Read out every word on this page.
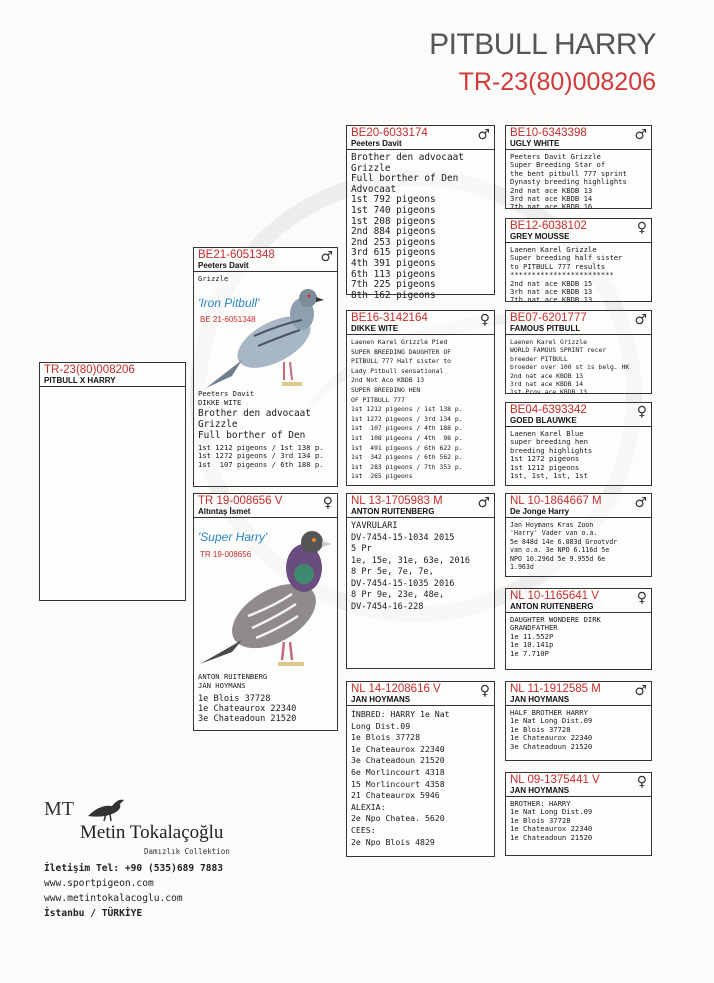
PITBULL HARRY
TR-23(80)008206
TR-23(80)008206
PITBULL X HARRY
BE21-6051348
Peeters Davit
♂

Grizzle

'Iron Pitbull'
BE 21-6051348

Peeters Davit

DIKKE WITE

Brother den advocaat
Grizzle
Full borther of Den

1st 1212 pigeons / 1st 138 p.
1st 1272 pigeons / 3rd 134 p.
1st  107 pigeons / 6th 188 p.

TR 19-008656 V
Altıntaş İsmet
♀
'Super Harry'
TR 19-008656

ANTON RUITENBERG

JAN HOYMANS

1e Blois 37728
1e Chateaurox 22340
3e Chateadoun 21520

BE20-6033174
Peeters Davit
♂

Brother den advocaat
Grizzle
Full borther of Den
Advocaat
1st 792 pigeons
1st 740 pigeons
1st 208 pigeons
2nd 884 pigeons
2nd 253 pigeons
3rd 615 pigeons
4th 391 pigeons
6th 113 pigeons
7th 225 pigeons
8th 162 pigeons

BE16-3142164
DIKKE WITE
♀

Laenen Karel Grizzle Pied
SUPER BREEDING DAUGHTER OF
PITBULL 777 Half sister to
Lady Pitbull sensational
2nd Not Aco KBDB 13
SUPER BREEDING HEN
OF PITBULL 777
1st 1212 pigeons / 1st 138 p.
1st 1272 pigeons / 3rd 134 p.
1st  107 pigeons / 4th 188 p.
1st  108 pigeons / 4th  98 p.
1st  491 pigeons / 6th 622 p.
1st  342 pigeons / 6th 562 p.
1st  283 pigeons / 7th 353 p.
1st  265 pigeons

NL 13-1705983 M
ANTON RUITENBERG
♂

YAVRULARI
DV-7454-15-1034 2015
5 Pr
1e, 15e, 31e, 63e, 2016
8 Pr 5e, 7e, 7e,
DV-7454-15-1035 2016
8 Pr 9e, 23e, 48e,
DV-7454-16-228

NL 14-1208616 V
JAN HOYMANS
♀

İNBRED: HARRY 1e Nat
Long Dist.09
1e Blois 37728
1e Chateaurox 22340
3e Chateadoun 21520
6e Morlincourt 4318
15 Morlincourt 4358
21 Chateaurox 5946
ALEXIA:
2e Npo Chatea. 5620
CEES:
2e Npo Blois 4829

BE10-6343398
UGLY WHITE
♂

Peeters Davit Grizzle
Super Breeding Star of
the bent pitbull 777 sprint
Dynasty breeding highlights
2nd nat ace KBDB 13
3rd nat ace KBDB 14
7th nat ace KBDB 16

BE12-6038102
GREY MOUSSE
♀

Laenen Karel Grizzle
Super breeding half sister
to PITBULL 777 results
************************
2nd nat ace KBDB 15
3rh nat ace KBDB 13
7th nat ace KBDB 13

BE07-6201777
FAMOUS PITBULL
♂

Laenen Karel Grizzle
WORLD FAMOUS SPRINT recer
breeder PITBULL
broeder over 100 st is belg. HK
2nd nat ace KBDB 13
3rd nat ace KBDB 14
1st Prov ace KBDB 13

BE04-6393342
GOED BLAUWKE
♀

Laenen Karel Blue
super breeding hen
breeding highlights
1st 1272 pigeons
1st 1212 pigeons
1st, 1st, 1st, 1st

NL 10-1864667 M
De Jonge Harry
♂

Jan Hoymans Kras Zoon
'Harry' Vader van o.a.
5e 848d 14e 6.883d Grootvdr
van o.a. 3e NPO 6.116d 5e
NPO 10.296d 5e 9.955d 6e
1.963d

NL 10-1165641 V
ANTON RUITENBERG
♀

DAUGHTER WONDERE DIRK
GRANDFATHER
1e 11.552P
1e 10.141p
1e 7.710P

NL 11-1912585 M
JAN HOYMANS
♂

HALF BROTHER HARRY
1e Nat Long Dist.09
1e Blois 37728
1e Chateaurox 22340
3e Chateadoun 21520

NL 09-1375441 V
JAN HOYMANS
♀

BROTHER: HARRY
1e Nat Long Dist.09
1e Blois 37728
1e Chateaurox 22340
1e Chateadoun 21520

MT
Metin Tokalaçoğlu
Damızlık Collektion
İletişim Tel: +90 (535)689 7883
www.sportpigeon.com
www.metintokalacoglu.com
İstanbu / TÜRKİYE
